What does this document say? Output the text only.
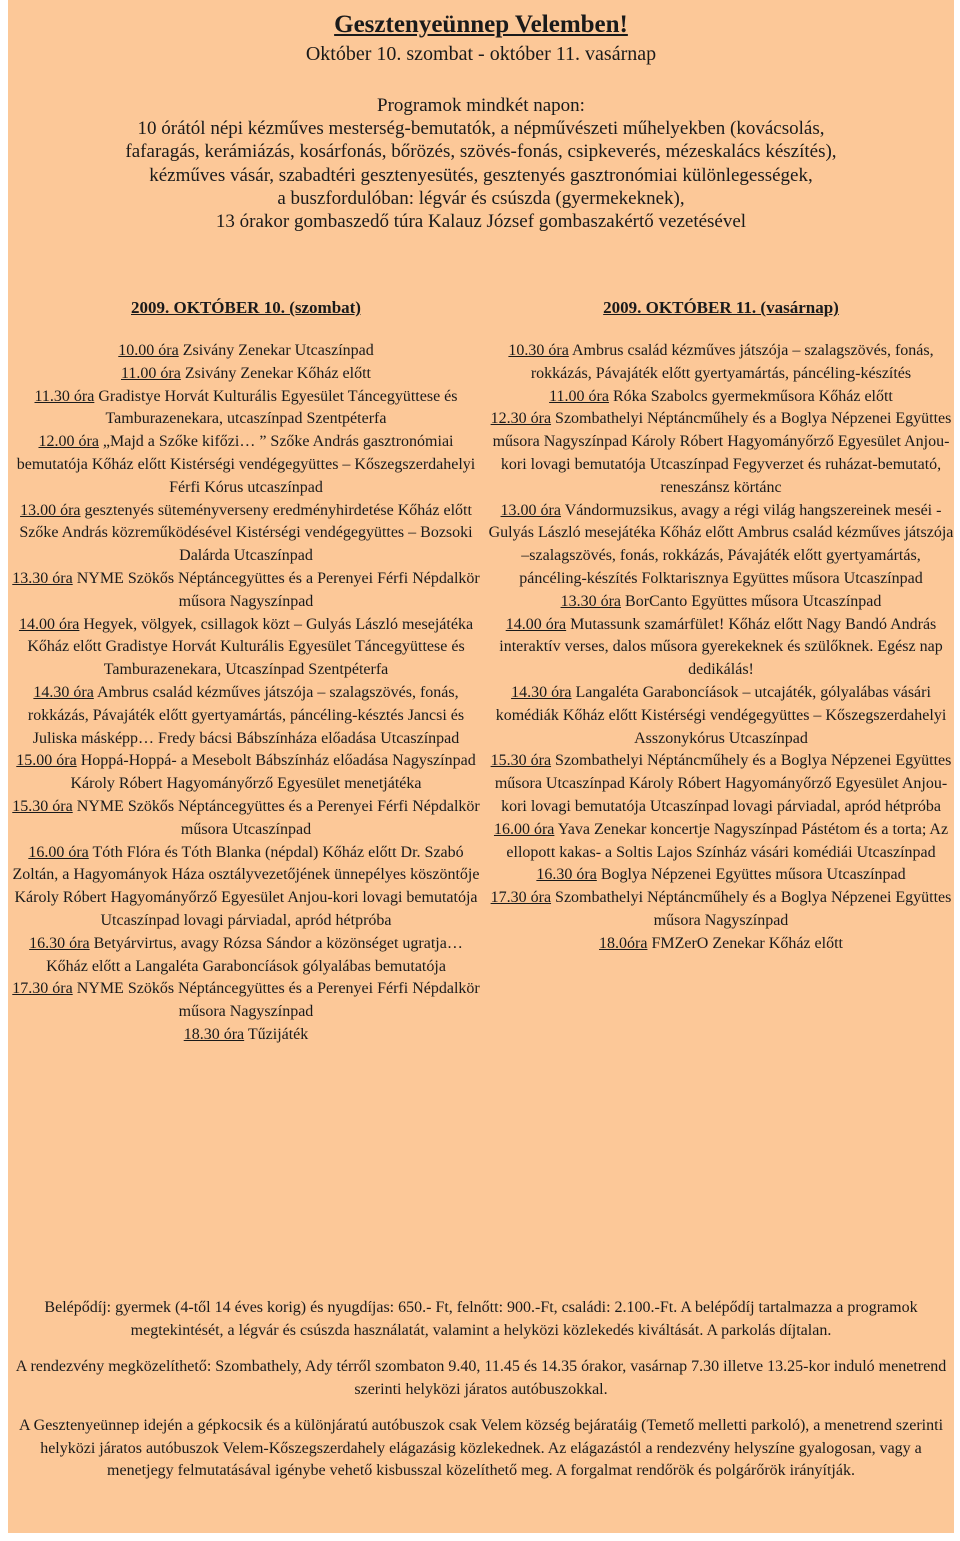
Gesztenyeünnep Velemben!
Október 10. szombat - október 11. vasárnap
Programok mindkét napon:
10 órától népi kézműves mesterség-bemutatók, a népművészeti műhelyekben (kovácsolás,
fafaragás, kerámiázás, kosárfonás, bőrözés, szövés-fonás, csipkeverés, mézeskalács készítés),
kézműves vásár, szabadtéri gesztenyesütés, gesztenyés gasztronómiai különlegességek,
a buszfordulóban: légvár és csúszda (gyermekeknek),
13 órakor gombaszedő túra Kalauz József gombaszakértő vezetésével
2009. OKTÓBER 10. (szombat)
10.00 óra Zsivány Zenekar Utcaszínpad
11.00 óra Zsivány Zenekar Kőház előtt
11.30 óra Gradistye Horvát Kulturális Egyesület Táncegyüttese és Tamburazenekara, utcaszínpad Szentpéterfa
12.00 óra „Majd a Szőke kifőzi… ” Szőke András gasztronómiai bemutatója Kőház előtt Kistérségi vendégegyüttes – Kőszegszerdahelyi Férfi Kórus utcaszínpad
13.00 óra gesztenyés süteményverseny eredményhirdetése Kőház előtt Szőke András közreműködésével Kistérségi vendégegyüttes – Bozsoki Dalárda Utcaszínpad
13.30 óra NYME Szökős Néptáncegyüttes és a Perenyei Férfi Népdalkör műsora Nagyszínpad
14.00 óra Hegyek, völgyek, csillagok közt – Gulyás László mesejátéka Kőház előtt Gradistye Horvát Kulturális Egyesület Táncegyüttese és Tamburazenekara, Utcaszínpad Szentpéterfa
14.30 óra Ambrus család kézműves játszója – szalagszövés, fonás, rokkázás, Pávajáték előtt gyertyamártás, páncéling-késztés Jancsi és Juliska másképp… Fredy bácsi Bábszínháza előadása Utcaszínpad
15.00 óra Hoppá-Hoppá- a Mesebolt Bábszínház előadása Nagyszínpad Károly Róbert Hagyományőrző Egyesület menetjátéka
15.30 óra NYME Szökős Néptáncegyüttes és a Perenyei Férfi Népdalkör műsora Utcaszínpad
16.00 óra Tóth Flóra és Tóth Blanka (népdal) Kőház előtt Dr. Szabó Zoltán, a Hagyományok Háza osztályvezetőjének ünnepélyes köszöntője Károly Róbert Hagyományőrző Egyesület Anjou-kori lovagi bemutatója Utcaszínpad lovagi párviadal, apród hétpróba
16.30 óra Betyárvirtus, avagy Rózsa Sándor a közönséget ugratja… Kőház előtt a Langaléta Garaboncíások gólyalábas bemutatója
17.30 óra NYME Szökős Néptáncegyüttes és a Perenyei Férfi Népdalkör műsora Nagyszínpad
18.30 óra Tűzijáték
2009. OKTÓBER 11. (vasárnap)
10.30 óra Ambrus család kézműves játszója – szalagszövés, fonás, rokkázás, Pávajáték előtt gyertyamártás, páncéling-készítés
11.00 óra Róka Szabolcs gyermekműsora Kőház előtt
12.30 óra Szombathelyi Néptáncműhely és a Boglya Népzenei Együttes műsora Nagyszínpad Károly Róbert Hagyományőrző Egyesület Anjou-kori lovagi bemutatója Utcaszínpad Fegyverzet és ruházat-bemutató, reneszánsz körtánc
13.00 óra Vándormuzsikus, avagy a régi világ hangszereinek meséi - Gulyás László mesejátéka Kőház előtt Ambrus család kézműves játszója –szalagszövés, fonás, rokkázás, Pávajáték előtt gyertyamártás, páncéling-készítés Folktarisznya Együttes műsora Utcaszínpad
13.30 óra BorCanto Együttes műsora Utcaszínpad
14.00 óra Mutassunk szamárfület! Kőház előtt Nagy Bandó András interaktív verses, dalos műsora gyerekeknek és szülőknek. Egész nap dedikálás!
14.30 óra Langaléta Garaboncíások – utcajáték, gólyalábas vásári komédiák Kőház előtt Kistérségi vendégegyüttes – Kőszegszerdahelyi Asszonykórus Utcaszínpad
15.30 óra Szombathelyi Néptáncműhely és a Boglya Népzenei Együttes műsora Utcaszínpad Károly Róbert Hagyományőrző Egyesület Anjou-kori lovagi bemutatója Utcaszínpad lovagi párviadal, apród hétpróba
16.00 óra Yava Zenekar koncertje Nagyszínpad Pástétom és a torta; Az ellopott kakas- a Soltis Lajos Színház vásári komédiái Utcaszínpad
16.30 óra Boglya Népzenei Együttes műsora Utcaszínpad
17.30 óra Szombathelyi Néptáncműhely és a Boglya Népzenei Együttes műsora Nagyszínpad
18.0óra FMZerO Zenekar Kőház előtt

Belépődíj: gyermek (4-től 14 éves korig) és nyugdíjas: 650.- Ft, felnőtt: 900.-Ft, családi: 2.100.-Ft. A belépődíj tartalmazza a programok megtekintését, a légvár és csúszda használatát, valamint a helyközi közlekedés kiváltását. A parkolás díjtalan.

A rendezvény megközelíthető: Szombathely, Ady térről szombaton 9.40, 11.45 és 14.35 órakor, vasárnap 7.30 illetve 13.25-kor induló menetrend szerinti helyközi járatos autóbuszokkal.

A Gesztenyeünnep idején a gépkocsik és a különjáratú autóbuszok csak Velem község bejáratáig (Temető melletti parkoló), a menetrend szerinti helyközi járatos autóbuszok Velem-Kőszegszerdahely elágazásig közlekednek. Az elágazástól a rendezvény helyszíne gyalogosan, vagy a menetjegy felmutatásával igénybe vehető kisbusszal közelíthető meg. A forgalmat rendőrök és polgárőrök irányítják.
